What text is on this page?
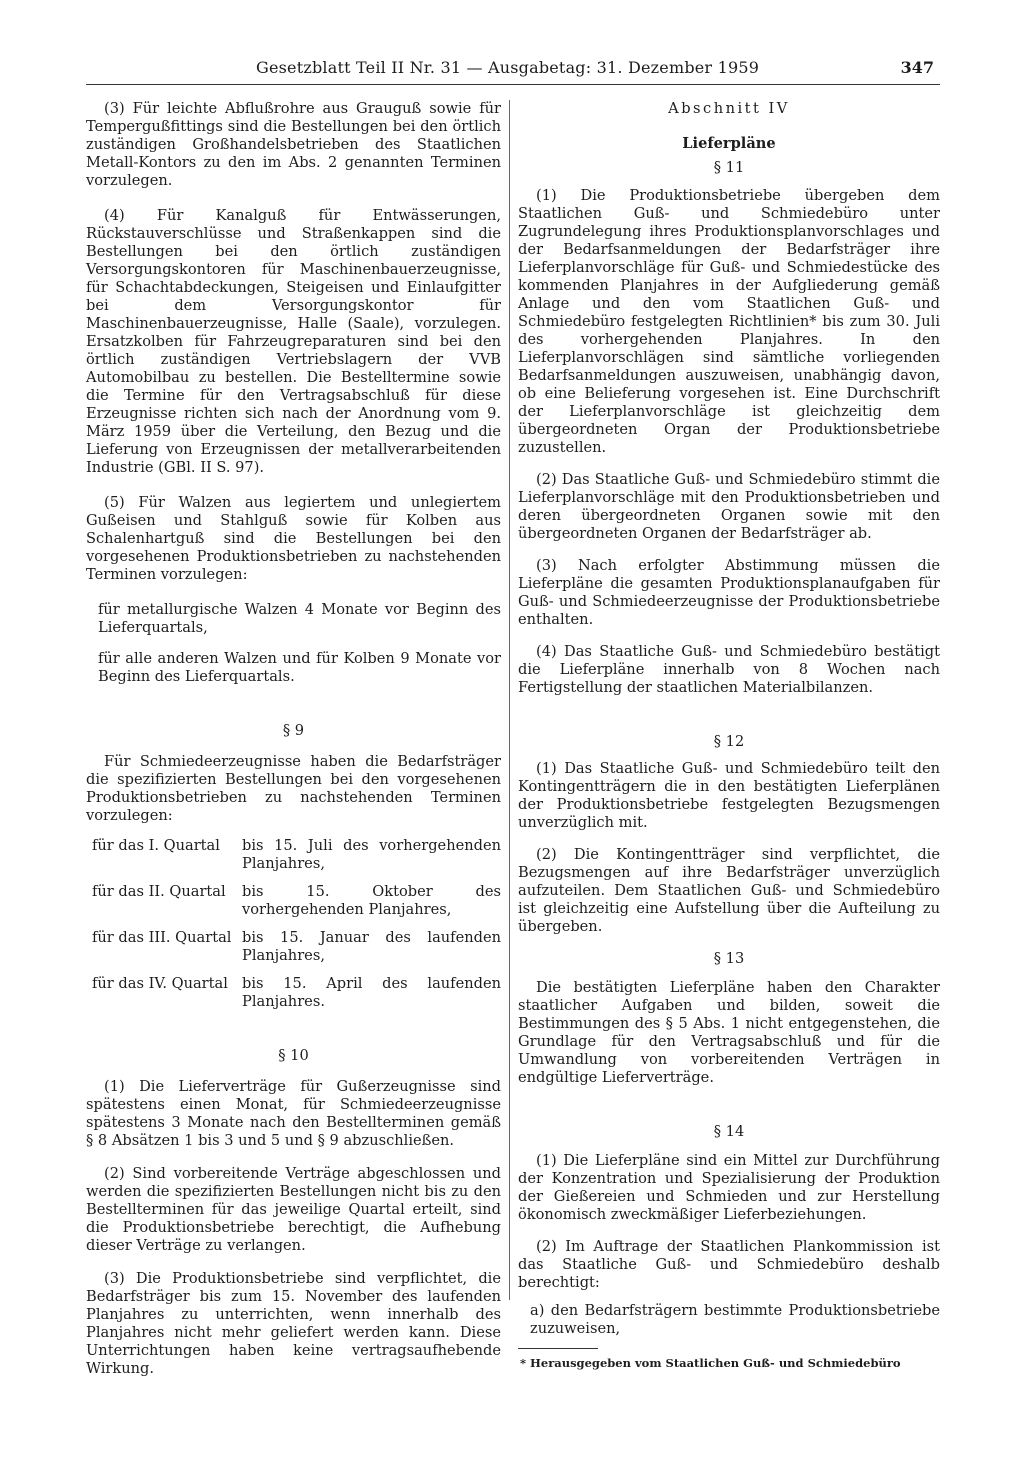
Gesetzblatt Teil II Nr. 31 — Ausgabetag: 31. Dezember 1959	347

(3) Für leichte Abflußrohre aus Grauguß sowie für Tempergußfittings sind die Bestellungen bei den örtlich zuständigen Großhandelsbetrieben des Staatlichen Metall-Kontors zu den im Abs. 2 genannten Terminen vorzulegen.

(4) Für Kanalguß für Entwässerungen, Rückstauverschlüsse und Straßenkappen sind die Bestellungen bei den örtlich zuständigen Versorgungskontoren für Maschinenbauerzeugnisse, für Schachtabdeckungen, Steigeisen und Einlaufgitter bei dem Versorgungskontor für Maschinenbauerzeugnisse, Halle (Saale), vorzulegen. Ersatzkolben für Fahrzeugreparaturen sind bei den örtlich zuständigen Vertriebslagern der VVB Automobilbau zu bestellen. Die Bestelltermine sowie die Termine für den Vertragsabschluß für diese Erzeugnisse richten sich nach der Anordnung vom 9. März 1959 über die Verteilung, den Bezug und die Lieferung von Erzeugnissen der metallverarbeitenden Industrie (GBl. II S. 97).

(5) Für Walzen aus legiertem und unlegiertem Gußeisen und Stahlguß sowie für Kolben aus Schalenhartguß sind die Bestellungen bei den vorgesehenen Produktionsbetrieben zu nachstehenden Terminen vorzulegen:

für metallurgische Walzen 4 Monate vor Beginn des Lieferquartals,

für alle anderen Walzen und für Kolben 9 Monate vor Beginn des Lieferquartals.

§ 9

Für Schmiedeerzeugnisse haben die Bedarfsträger die spezifizierten Bestellungen bei den vorgesehenen Produktionsbetrieben zu nachstehenden Terminen vorzulegen:

für das I. Quartal	bis 15. Juli des vorhergehenden Planjahres,
für das II. Quartal	bis 15. Oktober des vorhergehenden Planjahres,
für das III. Quartal bis 15. Januar des laufenden Planjahres,
für das IV. Quartal bis 15. April des laufenden Planjahres.

§ 10

(1) Die Lieferverträge für Gußerzeugnisse sind spätestens einen Monat, für Schmiedeerzeugnisse spätestens 3 Monate nach den Bestellterminen gemäß § 8 Absätzen 1 bis 3 und 5 und § 9 abzuschließen.

(2) Sind vorbereitende Verträge abgeschlossen und werden die spezifizierten Bestellungen nicht bis zu den Bestellterminen für das jeweilige Quartal erteilt, sind die Produktionsbetriebe berechtigt, die Aufhebung dieser Verträge zu verlangen.

(3) Die Produktionsbetriebe sind verpflichtet, die Bedarfsträger bis zum 15. November des laufenden Planjahres zu unterrichten, wenn innerhalb des Planjahres nicht mehr geliefert werden kann. Diese Unterrichtungen haben keine vertragsaufhebende Wirkung.

Abschnitt IV

Lieferpläne

§ 11

(1) Die Produktionsbetriebe übergeben dem Staatlichen Guß- und Schmiedebüro unter Zugrundelegung ihres Produktionsplanvorschlages und der Bedarfsanmeldungen der Bedarfsträger ihre Lieferplanvorschläge für Guß- und Schmiedestücke des kommenden Planjahres in der Aufgliederung gemäß Anlage und den vom Staatlichen Guß- und Schmiedebüro festgelegten Richtlinien* bis zum 30. Juli des vorhergehenden Planjahres. In den Lieferplanvorschlägen sind sämtliche vorliegenden Bedarfsanmeldungen auszuweisen, unabhängig davon, ob eine Belieferung vorgesehen ist. Eine Durchschrift der Lieferplanvorschläge ist gleichzeitig dem übergeordneten Organ der Produktionsbetriebe zuzustellen.

(2) Das Staatliche Guß- und Schmiedebüro stimmt die Lieferplanvorschläge mit den Produktionsbetrieben und deren übergeordneten Organen sowie mit den übergeordneten Organen der Bedarfsträger ab.

(3) Nach erfolgter Abstimmung müssen die Lieferpläne die gesamten Produktionsplanaufgaben für Guß- und Schmiedeerzeugnisse der Produktionsbetriebe enthalten.

(4) Das Staatliche Guß- und Schmiedebüro bestätigt die Lieferpläne innerhalb von 8 Wochen nach Fertigstellung der staatlichen Materialbilanzen.

§ 12

(1) Das Staatliche Guß- und Schmiedebüro teilt den Kontingentträgern die in den bestätigten Lieferplänen der Produktionsbetriebe festgelegten Bezugsmengen unverzüglich mit.

(2) Die Kontingentträger sind verpflichtet, die Bezugsmengen auf ihre Bedarfsträger unverzüglich aufzuteilen. Dem Staatlichen Guß- und Schmiedebüro ist gleichzeitig eine Aufstellung über die Aufteilung zu übergeben.

§ 13

Die bestätigten Lieferpläne haben den Charakter staatlicher Aufgaben und bilden, soweit die Bestimmungen des § 5 Abs. 1 nicht entgegenstehen, die Grundlage für den Vertragsabschluß und für die Umwandlung von vorbereitenden Verträgen in endgültige Lieferverträge.

§ 14

(1) Die Lieferpläne sind ein Mittel zur Durchführung der Konzentration und Spezialisierung der Produktion der Gießereien und Schmieden und zur Herstellung ökonomisch zweckmäßiger Lieferbeziehungen.

(2) Im Auftrage der Staatlichen Plankommission ist das Staatliche Guß- und Schmiedebüro deshalb berechtigt:

a) den Bedarfsträgern bestimmte Produktionsbetriebe zuzuweisen,

* Herausgegeben vom Staatlichen Guß- und Schmiedebüro
